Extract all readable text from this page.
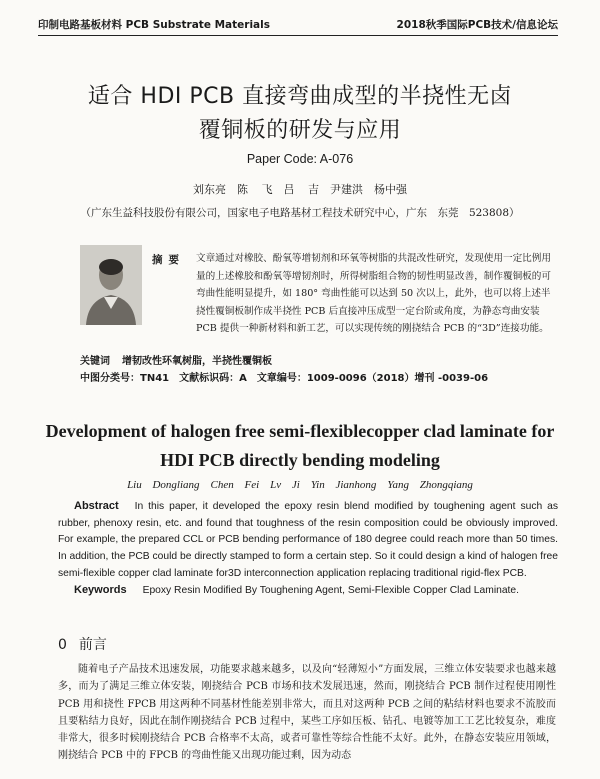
印制电路基板材料 PCB Substrate Materials	2018秋季国际PCB技术/信息论坛
适合 HDI PCB 直接弯曲成型的半挠性无卤
覆铜板的研发与应用
Paper Code: A-076
刘东亮　陈 飞　吕 吉　尹建洪　杨中强
（广东生益科技股份有限公司，国家电子电路基材工程技术研究中心，广东　东莞　523808）
摘要 文章通过对橡胶、酚氧等增韧剂和环氧等树脂的共混改性研究，发现使用一定比例用量的上述橡胶和酚氧等增韧剂时，所得树脂组合物的韧性明显改善，制作覆铜板的可弯曲性能明显提升，如 180° 弯曲性能可以达到 50 次以上，此外，也可以将上述半挠性覆铜板制作成半挠性 PCB 后直接冲压成型一定台阶或角度，为静态弯曲安装 PCB 提供一种新材料和新工艺，可以实现传统的刚挠结合 PCB 的“3D”连接功能。
关键词 增韧改性环氧树脂，半挠性覆铜板
中图分类号：TN41　文献标识码：A　文章编号：1009-0096（2018）增刊 -0039-06
Development of halogen free semi-flexiblecopper clad laminate for
HDI PCB directly bending modeling
Liu Dongliang　Chen Fei　Lv Ji　Yin Jianhong　Yang Zhongqiang
Abstract In this paper, it developed the epoxy resin blend modified by toughening agent such as rubber, phenoxy resin, etc. and found that toughness of the resin composition could be obviously improved. For example, the prepared CCL or PCB bending performance of 180 degree could reach more than 50 times. In addition, the PCB could be directly stamped to form a certain step. So it could design a kind of halogen free semi-flexible copper clad laminate for3D interconnection application replacing traditional rigid-flex PCB.
Keywords Epoxy Resin Modified By Toughening Agent, Semi-Flexible Copper Clad Laminate.
0 前言
随着电子产品技术迅速发展，功能要求越来越多，以及向“轻薄短小”方面发展，三维立体安装要求也越来越多，而为了满足三维立体安装，刚挠结合 PCB 市场和技术发展迅速，然而，刚挠结合 PCB 制作过程使用刚性 PCB 用和挠性 FPCB 用这两种不同基材性能差别非常大，而且对这两种 PCB 之间的粘结材料也要求不流胶而且要粘结力良好，因此在制作刚挠结合 PCB 过程中，某些工序如压板、钻孔、电镀等加工工艺比较复杂，难度非常大，很多时候刚挠结合 PCB 合格率不太高，或者可靠性等综合性能不太好。此外，在静态安装应用领域，刚挠结合 PCB 中的 FPCB 的弯曲性能又出现功能过剩，因为动态
